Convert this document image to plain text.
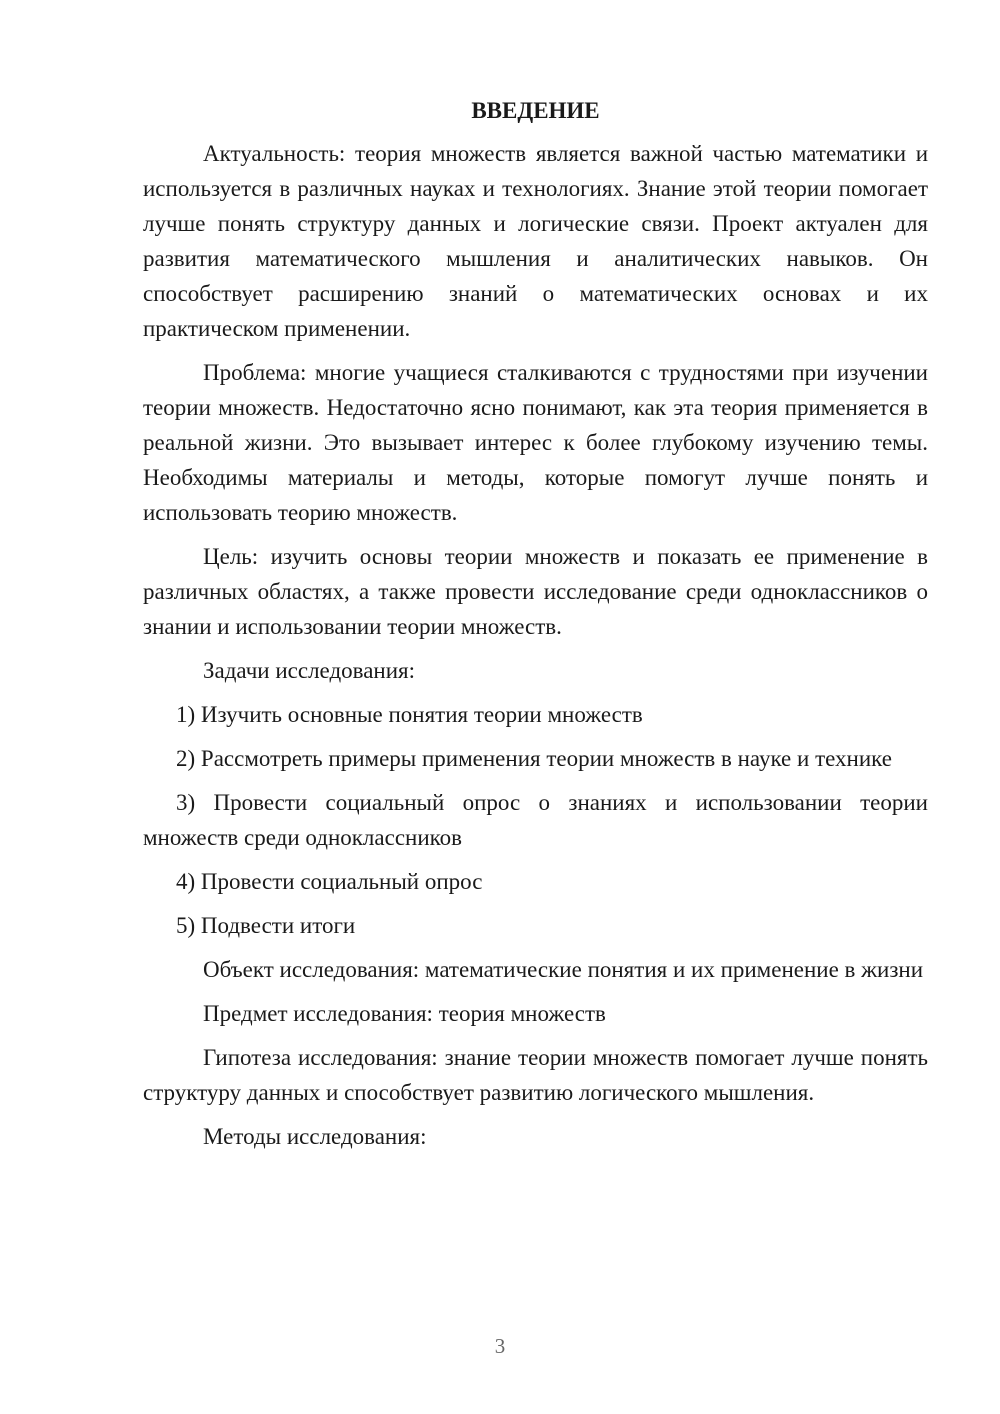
ВВЕДЕНИЕ

Актуальность: теория множеств является важной частью математики и используется в различных науках и технологиях. Знание этой теории помогает лучше понять структуру данных и логические связи. Проект актуален для развития математического мышления и аналитических навыков. Он способствует расширению знаний о математических основах и их практическом применении.

Проблема: многие учащиеся сталкиваются с трудностями при изучении теории множеств. Недостаточно ясно понимают, как эта теория применяется в реальной жизни. Это вызывает интерес к более глубокому изучению темы. Необходимы материалы и методы, которые помогут лучше понять и использовать теорию множеств.

Цель: изучить основы теории множеств и показать ее применение в различных областях, а также провести исследование среди одноклассников о знании и использовании теории множеств.

Задачи исследования:

1) Изучить основные понятия теории множеств

2) Рассмотреть примеры применения теории множеств в науке и технике

3) Провести социальный опрос о знаниях и использовании теории множеств среди одноклассников

4) Провести социальный опрос

5) Подвести итоги

Объект исследования: математические понятия и их применение в жизни

Предмет исследования: теория множеств

Гипотеза исследования: знание теории множеств помогает лучше понять структуру данных и способствует развитию логического мышления.

Методы исследования:

3
